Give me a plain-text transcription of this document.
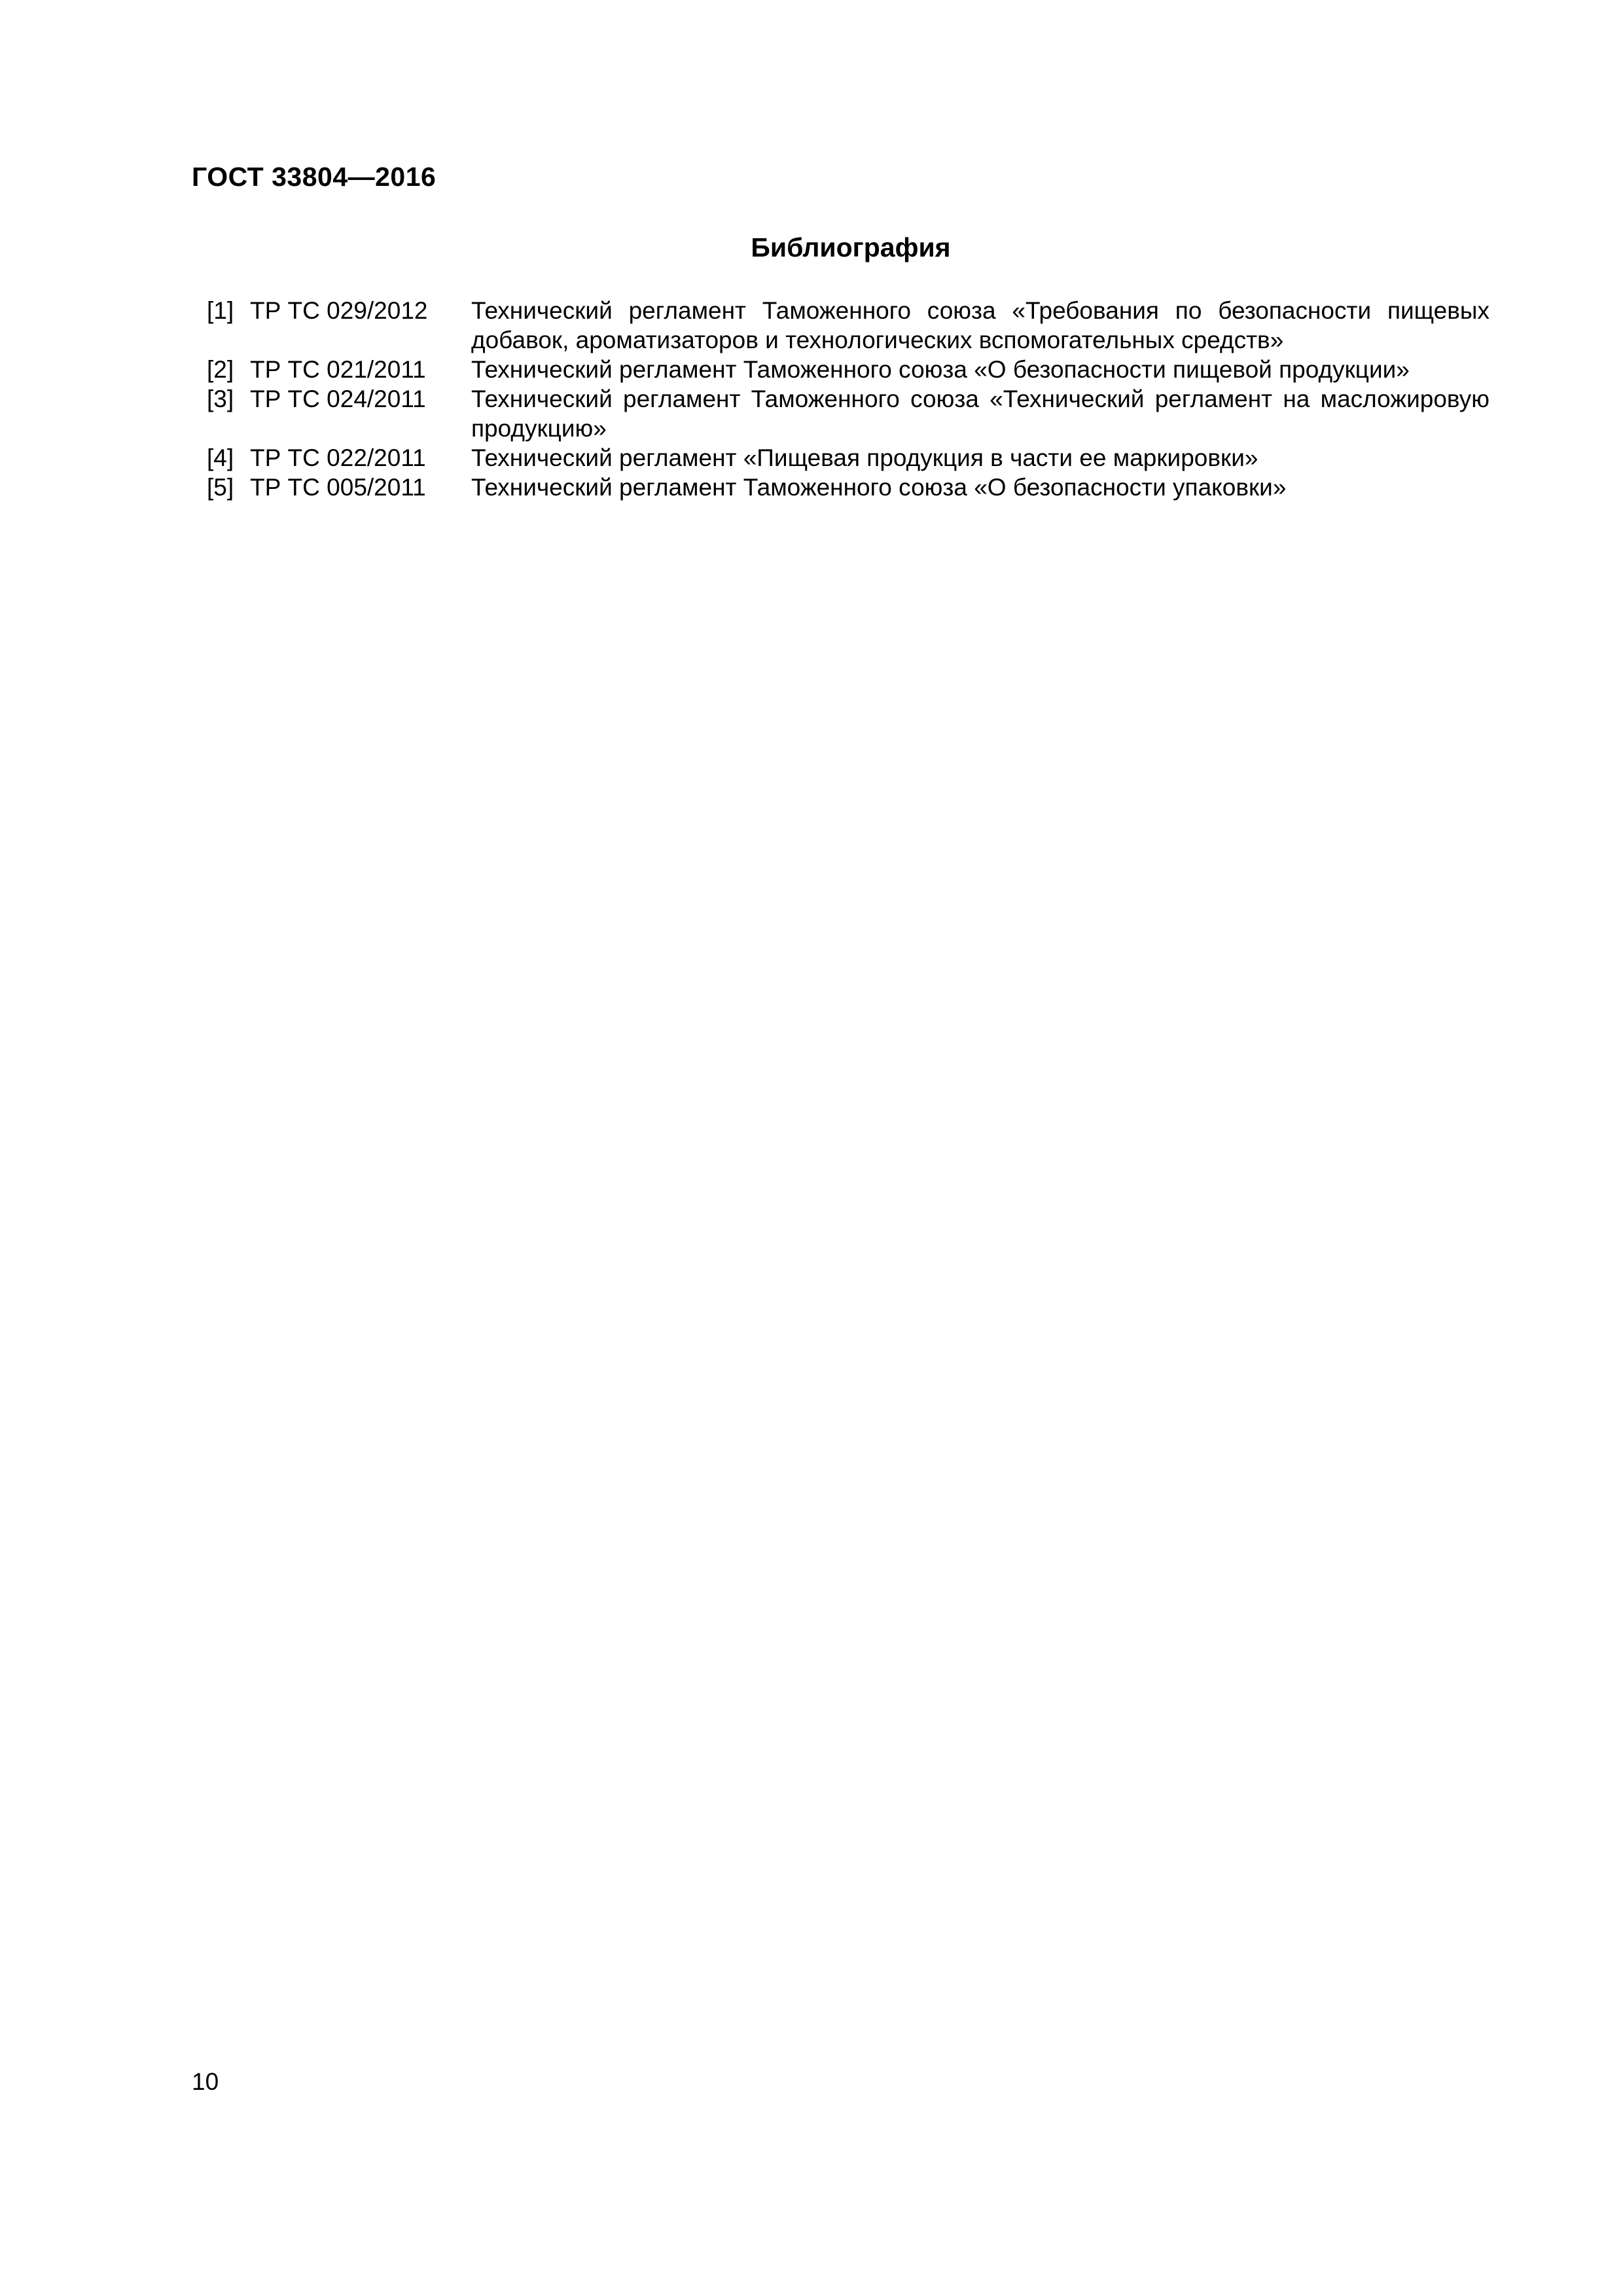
ГОСТ 33804—2016
Библиография
[1] ТР ТС 029/2012	Технический регламент Таможенного союза «Требования по безопасности пищевых добавок, ароматизаторов и технологических вспомогательных средств»
[2] ТР ТС 021/2011	Технический регламент Таможенного союза «О безопасности пищевой продукции»
[3] ТР ТС 024/2011	Технический регламент Таможенного союза «Технический регламент на масложировую продукцию»
[4] ТР ТС 022/2011	Технический регламент «Пищевая продукция в части ее маркировки»
[5] ТР ТС 005/2011	Технический регламент Таможенного союза «О безопасности упаковки»
10
